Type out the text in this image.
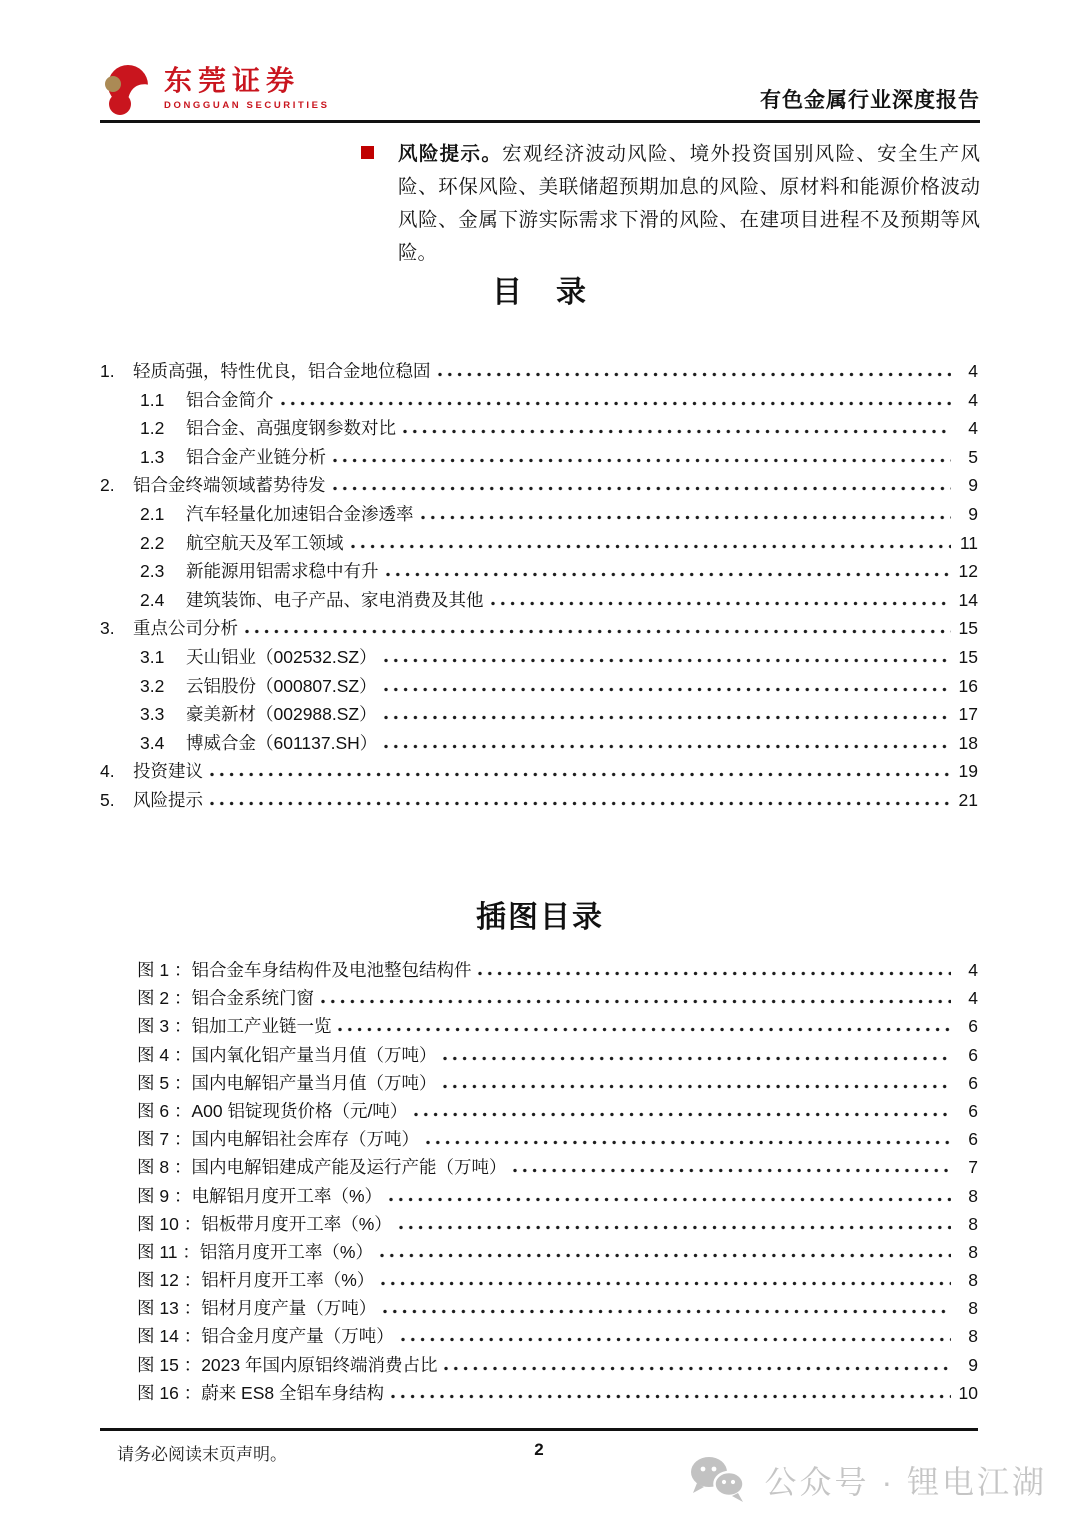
东莞证券
DONGGUAN SECURITIES	有色金属行业深度报告
风险提示。宏观经济波动风险、境外投资国别风险、安全生产风险、环保风险、美联储超预期加息的风险、原材料和能源价格波动风险、金属下游实际需求下滑的风险、在建项目进程不及预期等风险。
目　录
1.	轻质高强，特性优良，铝合金地位稳固	4
1.1	铝合金简介	4
1.2	铝合金、高强度钢参数对比	4
1.3	铝合金产业链分析	5
2.	铝合金终端领域蓄势待发	9
2.1	汽车轻量化加速铝合金渗透率	9
2.2	航空航天及军工领域	11
2.3	新能源用铝需求稳中有升	12
2.4	建筑装饰、电子产品、家电消费及其他	14
3.	重点公司分析	15
3.1	天山铝业（002532.SZ）	15
3.2	云铝股份（000807.SZ）	16
3.3	豪美新材（002988.SZ）	17
3.4	博威合金（601137.SH）	18
4.	投资建议	19
5.	风险提示	21
插图目录
图 1 ：铝合金车身结构件及电池整包结构件	4
图 2 ：铝合金系统门窗	4
图 3 ：铝加工产业链一览	6
图 4 ：国内氧化铝产量当月值（万吨）	6
图 5 ：国内电解铝产量当月值（万吨）	6
图 6 ：A00 铝锭现货价格（元/吨）	6
图 7 ：国内电解铝社会库存（万吨）	6
图 8 ：国内电解铝建成产能及运行产能（万吨）	7
图 9 ：电解铝月度开工率（%）	8
图 10 ：铝板带月度开工率（%）	8
图 11 ：铝箔月度开工率（%）	8
图 12 ：铝杆月度开工率（%）	8
图 13 ：铝材月度产量（万吨）	8
图 14 ：铝合金月度产量（万吨）	8
图 15 ：2023 年国内原铝终端消费占比	9
图 16 ：蔚来 ES8 全铝车身结构	10
请务必阅读末页声明。	2
公众号 · 锂电江湖
